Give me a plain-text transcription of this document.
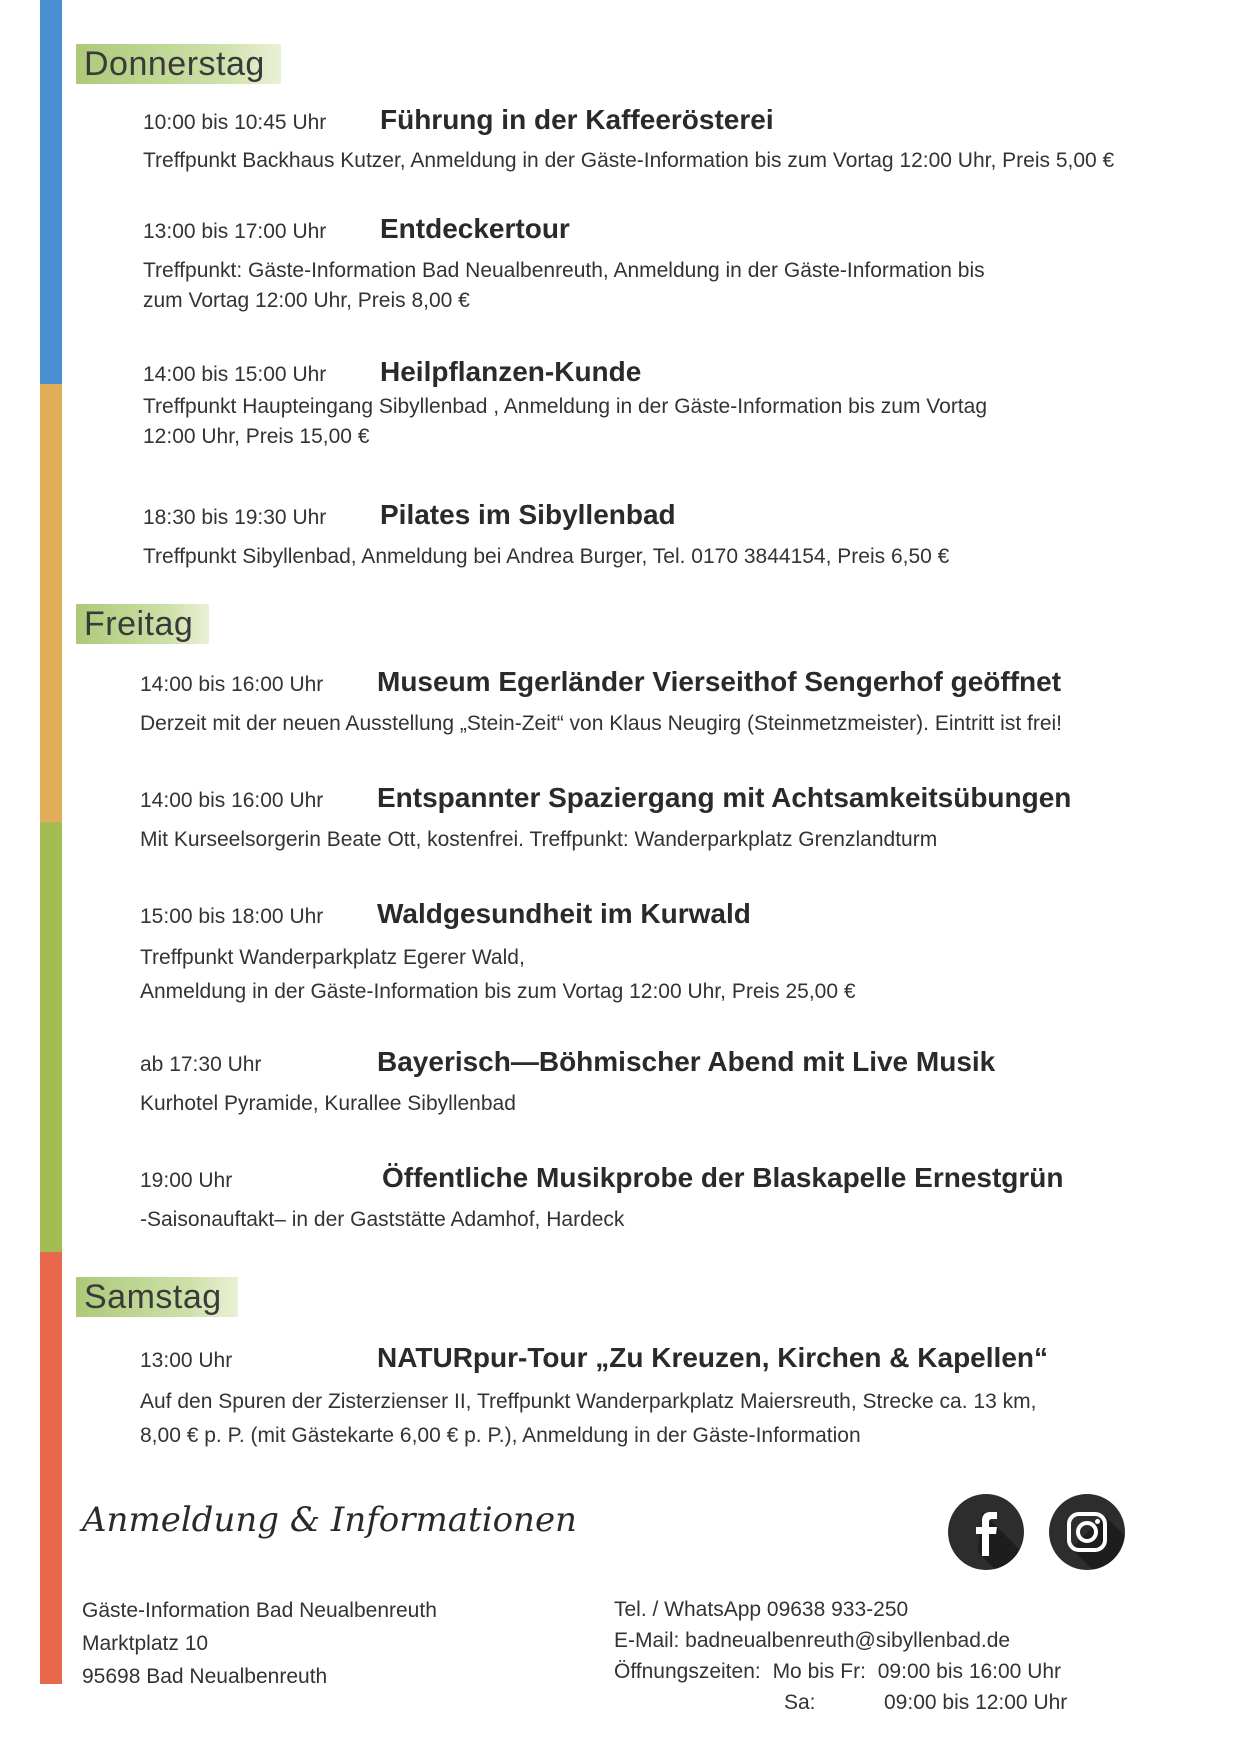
Donnerstag
Freitag
Samstag
10:00 bis 10:45 Uhr Führung in der Kaffeerösterei
Treffpunkt Backhaus Kutzer, Anmeldung in der Gäste-Information bis zum Vortag 12:00 Uhr, Preis 5,00 €
13:00 bis 17:00 Uhr Entdeckertour
Treffpunkt: Gäste-Information Bad Neualbenreuth, Anmeldung in der Gäste-Information bis
zum Vortag 12:00 Uhr, Preis 8,00 €
14:00 bis 15:00 Uhr Heilpflanzen-Kunde
Treffpunkt Haupteingang Sibyllenbad , Anmeldung in der Gäste-Information bis zum Vortag
12:00 Uhr, Preis 15,00 €
18:30 bis 19:30 Uhr Pilates im Sibyllenbad
Treffpunkt Sibyllenbad, Anmeldung bei Andrea Burger, Tel. 0170 3844154, Preis 6,50 €
14:00 bis 16:00 Uhr Museum Egerländer Vierseithof Sengerhof geöffnet
Derzeit mit der neuen Ausstellung „Stein-Zeit“ von Klaus Neugirg (Steinmetzmeister). Eintritt ist frei!
14:00 bis 16:00 Uhr Entspannter Spaziergang mit Achtsamkeitsübungen
Mit Kurseelsorgerin Beate Ott, kostenfrei. Treffpunkt: Wanderparkplatz Grenzlandturm
15:00 bis 18:00 Uhr Waldgesundheit im Kurwald
Treffpunkt Wanderparkplatz Egerer Wald,
Anmeldung in der Gäste-Information bis zum Vortag 12:00 Uhr, Preis 25,00 €
ab 17:30 Uhr	Bayerisch—Böhmischer Abend mit Live Musik
Kurhotel Pyramide, Kurallee Sibyllenbad
19:00 Uhr	Öffentliche Musikprobe der Blaskapelle Ernestgrün
-Saisonauftakt– in der Gaststätte Adamhof, Hardeck
13:00 Uhr	NATURpur-Tour „Zu Kreuzen, Kirchen & Kapellen“
Auf den Spuren der Zisterzienser II, Treffpunkt Wanderparkplatz Maiersreuth, Strecke ca. 13 km,
8,00 € p. P. (mit Gästekarte 6,00 € p. P.), Anmeldung in der Gäste-Information
Anmeldung & Informationen
Gäste-Information Bad Neualbenreuth
Marktplatz 10
95698 Bad Neualbenreuth
Tel. / WhatsApp 09638 933-250
E-Mail: badneualbenreuth@sibyllenbad.de
Öffnungszeiten: Mo bis Fr: 09:00 bis 16:00 Uhr
Sa:	09:00 bis 12:00 Uhr
